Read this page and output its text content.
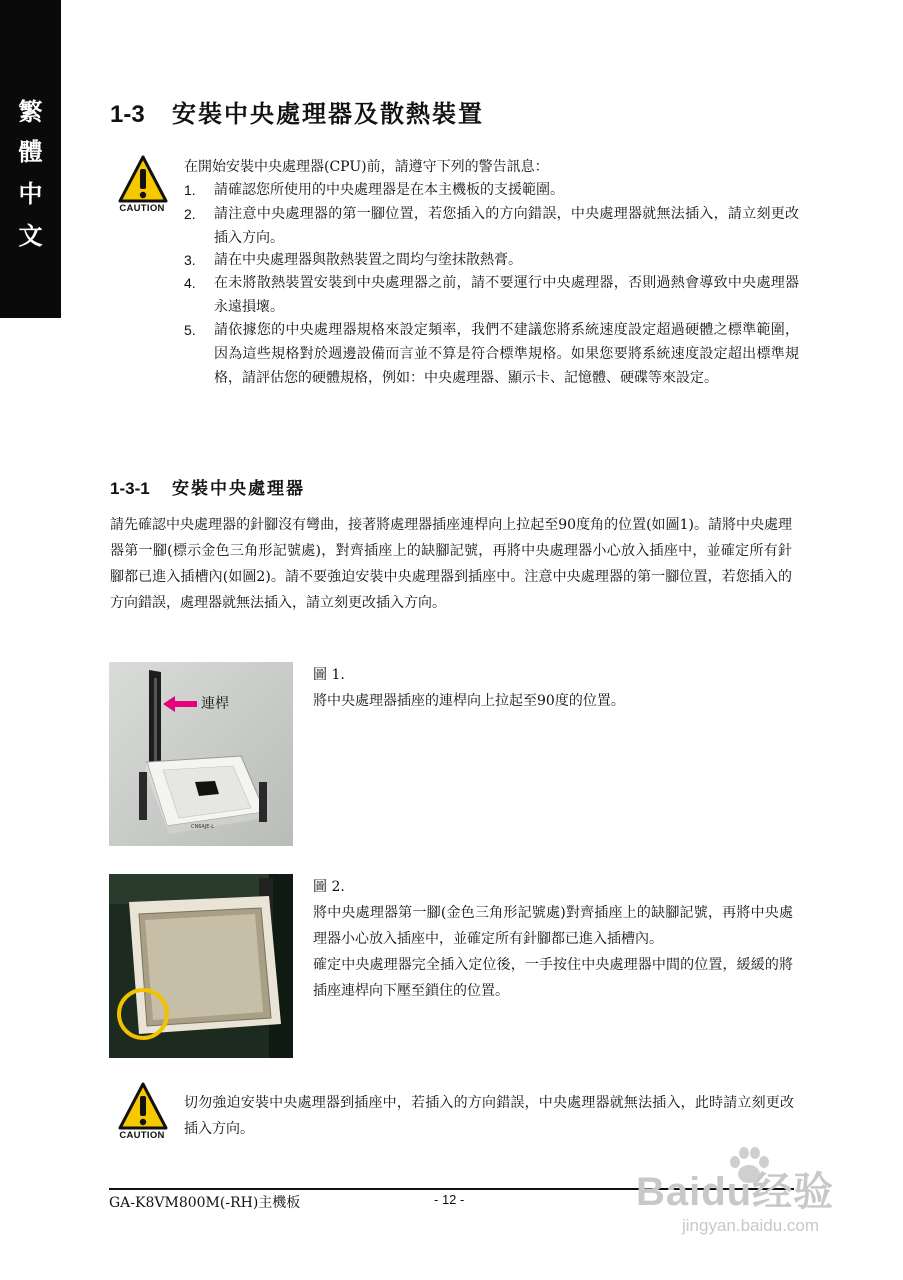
繁
體
中
文
1-3 安裝中央處理器及散熱裝置
CAUTION
在開始安裝中央處理器(CPU)前，請遵守下列的警告訊息：
1. 請確認您所使用的中央處理器是在本主機板的支援範圍。
2. 請注意中央處理器的第一腳位置，若您插入的方向錯誤，中央處理器就無法插入，請立刻更改插入方向。
3. 請在中央處理器與散熱裝置之間均勻塗抹散熱膏。
4. 在未將散熱裝置安裝到中央處理器之前，請不要運行中央處理器，否則過熱會導致中央處理器永遠損壞。
5. 請依據您的中央處理器規格來設定頻率，我們不建議您將系統速度設定超過硬體之標準範圍，因為這些規格對於週邊設備而言並不算是符合標準規格。如果您要將系統速度設定超出標準規格，請評估您的硬體規格，例如：中央處理器、顯示卡、記憶體、硬碟等來設定。
1-3-1 安裝中央處理器
請先確認中央處理器的針腳沒有彎曲，接著將處理器插座連桿向上拉起至90度角的位置(如圖1)。請將中央處理器第一腳(標示金色三角形記號處)，對齊插座上的缺腳記號，再將中央處理器小心放入插座中，並確定所有針腳都已進入插槽內(如圖2)。請不要強迫安裝中央處理器到插座中。注意中央處理器的第一腳位置，若您插入的方向錯誤，處理器就無法插入，請立刻更改插入方向。
CN6AJE-L
連桿
圖 1.
將中央處理器插座的連桿向上拉起至90度的位置。
圖 2.
將中央處理器第一腳(金色三角形記號處)對齊插座上的缺腳記號，再將中央處理器小心放入插座中，並確定所有針腳都已進入插槽內。
確定中央處理器完全插入定位後，一手按住中央處理器中間的位置，緩緩的將插座連桿向下壓至鎖住的位置。
CAUTION
切勿強迫安裝中央處理器到插座中，若插入的方向錯誤，中央處理器就無法插入，此時請立刻更改插入方向。
GA-K8VM800M(-RH)主機板	- 12 -	Baidu经验
jingyan.baidu.com
